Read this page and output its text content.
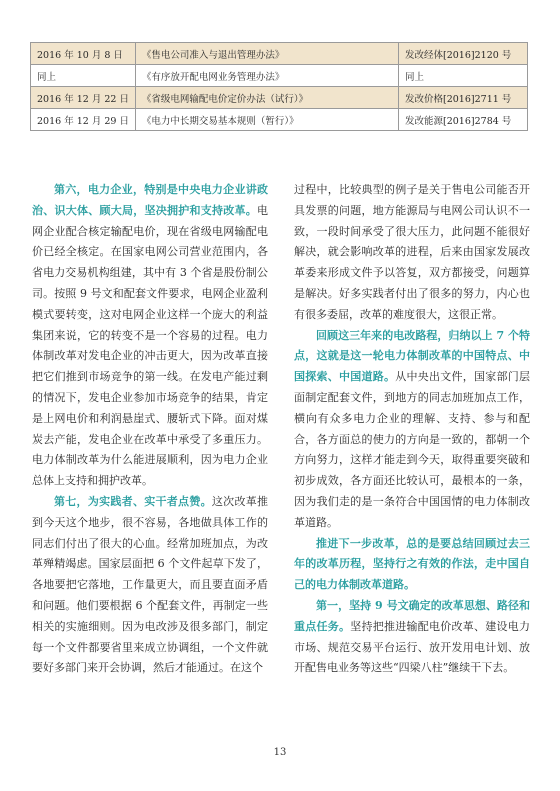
2016 年 10 月 8 日	《售电公司准入与退出管理办法》	发改经体[2016]2120 号
同上	《有序放开配电网业务管理办法》	同上
2016 年 12 月 22 日	《省级电网输配电价定价办法（试行）》	发改价格[2016]2711 号
2016 年 12 月 29 日	《电力中长期交易基本规则（暂行）》	发改能源[2016]2784 号

第六，电力企业，特别是中央电力企业讲政治、识大体、顾大局，坚决拥护和支持改革。电网企业配合核定输配电价，现在省级电网输配电价已经全核定。在国家电网公司营业范围内，各省电力交易机构组建，其中有 3 个省是股份制公司。按照 9 号文和配套文件要求，电网企业盈利模式要转变，这对电网企业这样一个庞大的利益集团来说，它的转变不是一个容易的过程。电力体制改革对发电企业的冲击更大，因为改革直接把它们推到市场竞争的第一线。在发电产能过剩的情况下，发电企业参加市场竞争的结果，肯定是上网电价和利润悬崖式、腰斩式下降。面对煤炭去产能，发电企业在改革中承受了多重压力。电力体制改革为什么能进展顺利，因为电力企业总体上支持和拥护改革。

第七，为实践者、实干者点赞。这次改革推到今天这个地步，很不容易，各地做具体工作的同志们付出了很大的心血。经常加班加点，为改革殚精竭虑。国家层面把 6 个文件起草下发了，各地要把它落地，工作量更大，而且要直面矛盾和问题。他们要根据 6 个配套文件，再制定一些相关的实施细则。因为电改涉及很多部门，制定每一个文件都要省里来成立协调组，一个文件就要好多部门来开会协调，然后才能通过。在这个

过程中，比较典型的例子是关于售电公司能否开具发票的问题，地方能源局与电网公司认识不一致，一段时间承受了很大压力，此问题不能很好解决，就会影响改革的进程，后来由国家发展改革委来形成文件予以答复，双方都接受，问题算是解决。好多实践者付出了很多的努力，内心也有很多委屈，改革的难度很大，这很正常。

回顾这三年来的电改路程，归纳以上 7 个特点，这就是这一轮电力体制改革的中国特点、中国探索、中国道路。从中央出文件，国家部门层面制定配套文件，到地方的同志加班加点工作，横向有众多电力企业的理解、支持、参与和配合，各方面总的使力的方向是一致的，都朝一个方向努力，这样才能走到今天，取得重要突破和初步成效，各方面还比较认可，最根本的一条，因为我们走的是一条符合中国国情的电力体制改革道路。

推进下一步改革，总的是要总结回顾过去三年的改革历程，坚持行之有效的作法，走中国自己的电力体制改革道路。

第一，坚持 9 号文确定的改革思想、路径和重点任务。坚持把推进输配电价改革、建设电力市场、规范交易平台运行、放开发用电计划、放开配售电业务等这些“四梁八柱”继续干下去。

13
